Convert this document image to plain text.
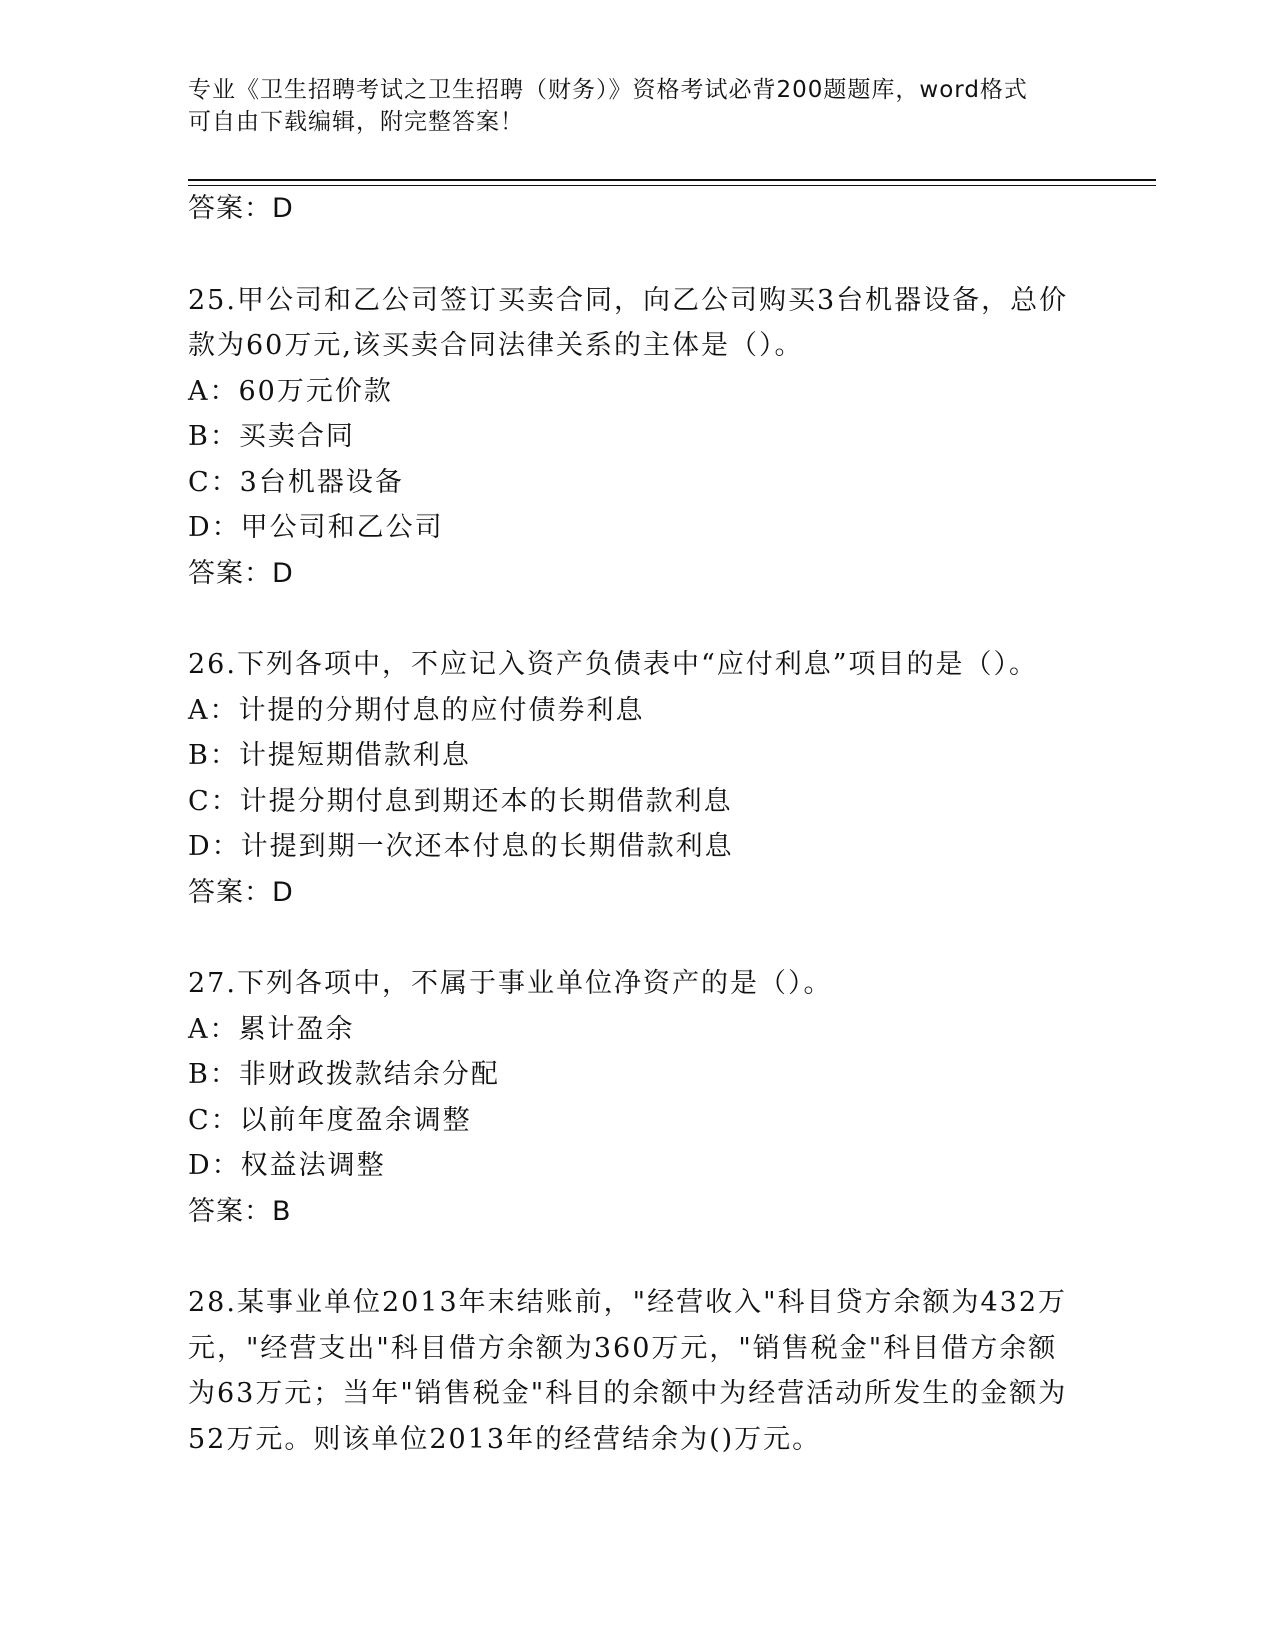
专业《卫生招聘考试之卫生招聘（财务）》资格考试必背200题题库，word格式
可自由下载编辑，附完整答案！
答案：D
25.甲公司和乙公司签订买卖合同，向乙公司购买3台机器设备，总价
款为60万元,该买卖合同法律关系的主体是（）。
A：60万元价款
B：买卖合同
C：3台机器设备
D：甲公司和乙公司
答案：D
26.下列各项中，不应记入资产负债表中“应付利息”项目的是（）。
A：计提的分期付息的应付债券利息
B：计提短期借款利息
C：计提分期付息到期还本的长期借款利息
D：计提到期一次还本付息的长期借款利息
答案：D
27.下列各项中，不属于事业单位净资产的是（）。
A：累计盈余
B：非财政拨款结余分配
C：以前年度盈余调整
D：权益法调整
答案：B
28.某事业单位2013年末结账前，"经营收入"科目贷方余额为432万
元，"经营支出"科目借方余额为360万元，"销售税金"科目借方余额
为63万元；当年"销售税金"科目的余额中为经营活动所发生的金额为
52万元。则该单位2013年的经营结余为()万元。
